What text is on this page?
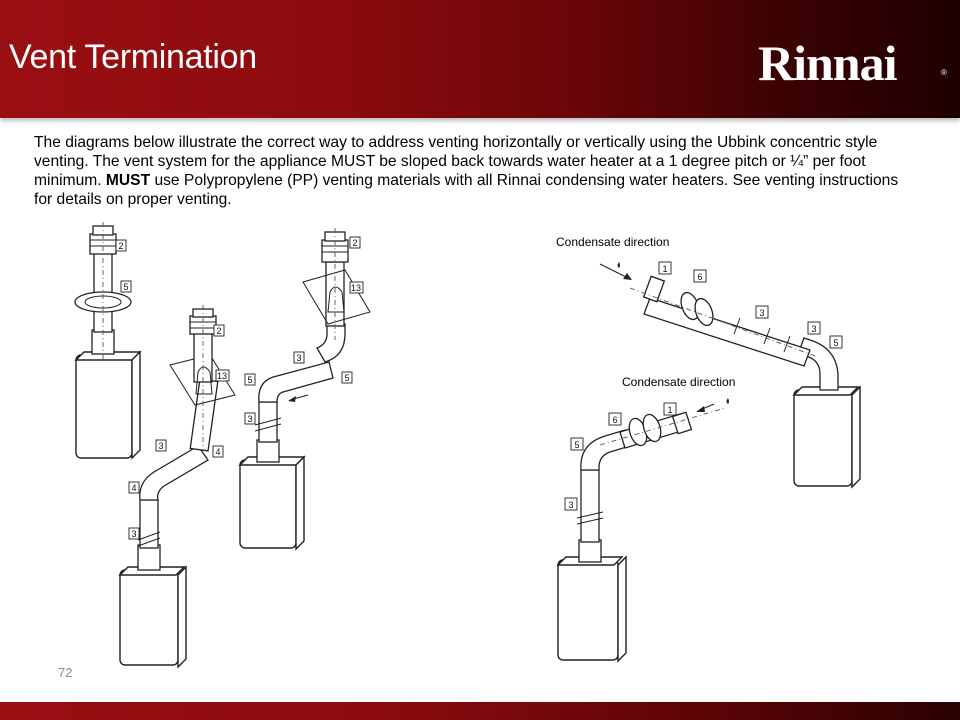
Vent Termination	Rinnai	®
The diagrams below illustrate the correct way to address venting horizontally or vertically using the Ubbink concentric style venting. The vent system for the appliance MUST be sloped back towards water heater at a 1 degree pitch or ¼” per foot minimum. MUST use Polypropylene (PP) venting materials with all Rinnai condensing water heaters. See venting instructions for details on proper venting.
Condensate direction
Condensate direction
2
5
2
13
3
4
4
3
2
13
3
5	5
3
1
6
3
3
5
1
6
5
3
72
